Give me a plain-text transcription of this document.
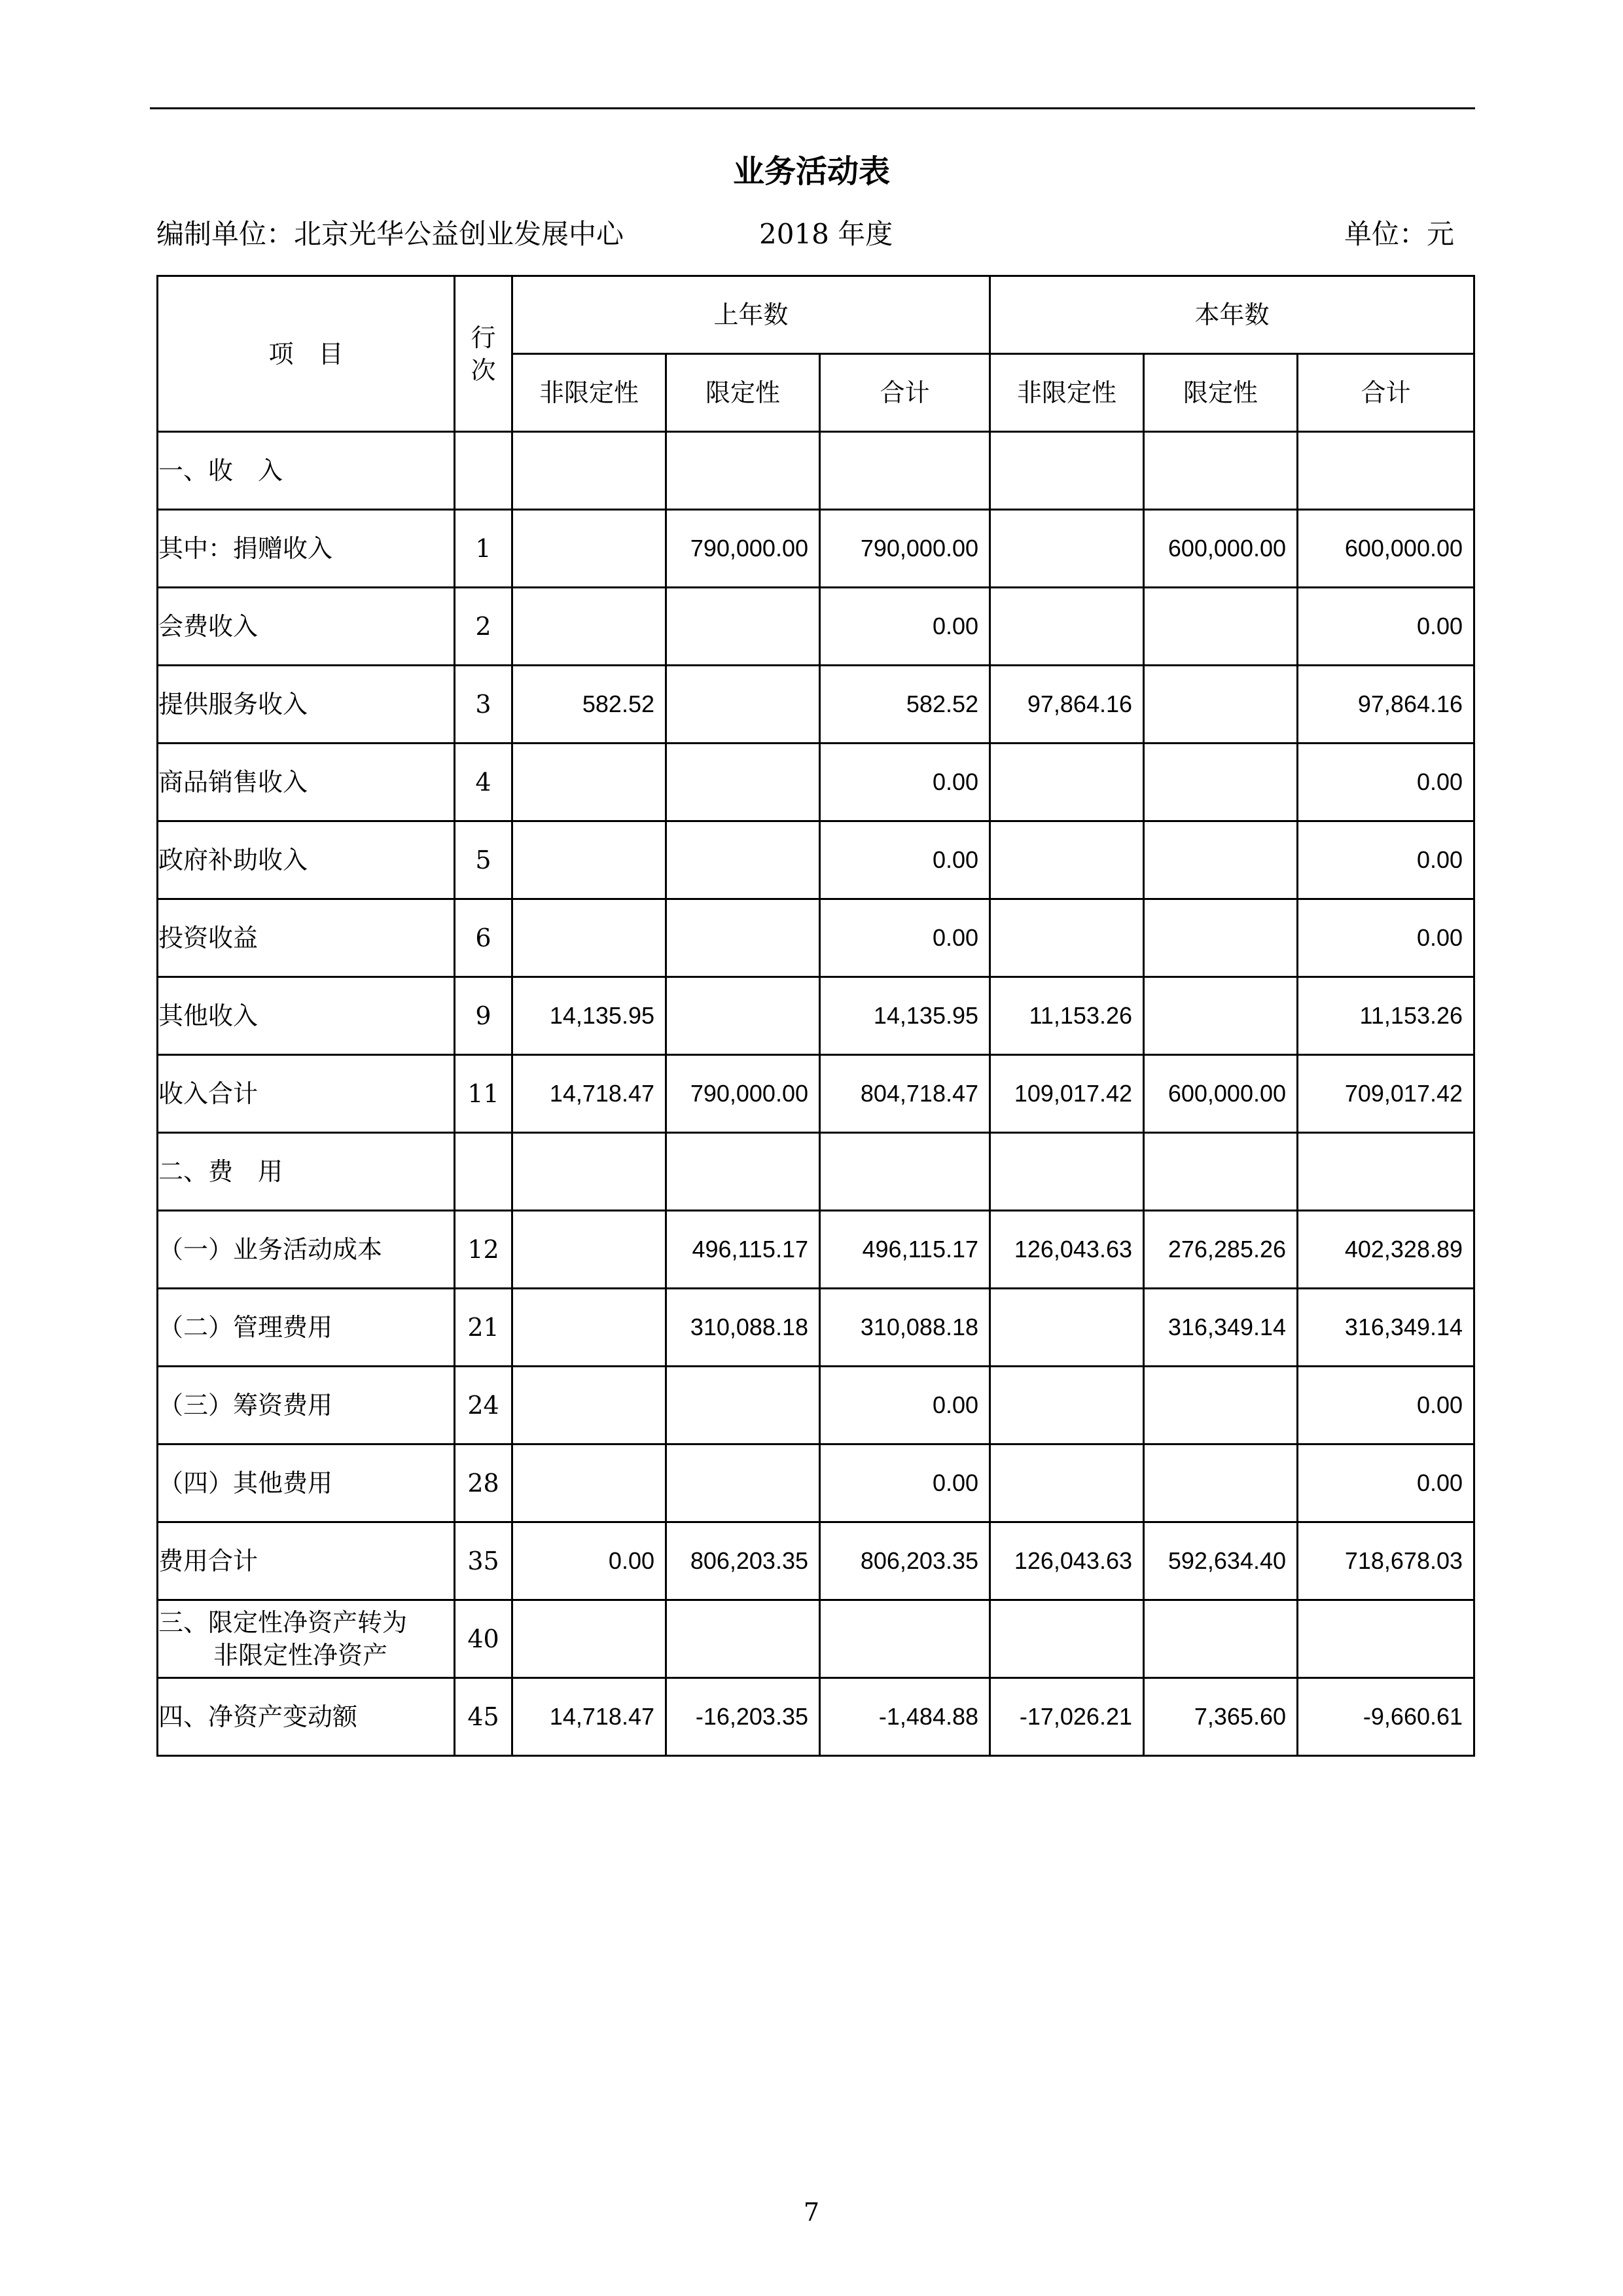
业务活动表
编制单位：北京光华公益创业发展中心	2018 年度	单位：元
项　目	行
次	上年数			本年数		
		非限定性	限定性	合计	非限定性	限定性	合计
一、收　入							
其中：捐赠收入	1		790,000.00	790,000.00		600,000.00	600,000.00
会费收入	2			0.00			0.00
提供服务收入	3	582.52		582.52	97,864.16		97,864.16
商品销售收入	4			0.00			0.00
政府补助收入	5			0.00			0.00
投资收益	6			0.00			0.00
其他收入	9	14,135.95		14,135.95	11,153.26		11,153.26
收入合计	11	14,718.47	790,000.00	804,718.47	109,017.42	600,000.00	709,017.42
二、费　用							
（一）业务活动成本	12		496,115.17	496,115.17	126,043.63	276,285.26	402,328.89
（二）管理费用	21		310,088.18	310,088.18		316,349.14	316,349.14
（三）筹资费用	24			0.00			0.00
（四）其他费用	28			0.00			0.00
费用合计	35	0.00	806,203.35	806,203.35	126,043.63	592,634.40	718,678.03
三、限定性净资产转为
非限定性净资产	40						
四、净资产变动额	45	14,718.47	-16,203.35	-1,484.88	-17,026.21	7,365.60	-9,660.61
7
